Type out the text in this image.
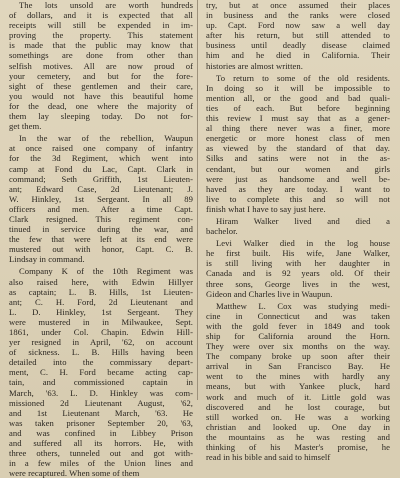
The lots unsold are worth hundreds
of dollars, and it is expected that all
receipts will still be expended in im-
proving the property. This statement
is made that the public may know that
somethings are done from other than
selfish motives. All are now proud of
your cemetery, and but for the fore-
sight of these gentlemen and their care,
you would not have this beautiful home
for the dead, one where the majority of
them lay sleeping today. Do not for-
get them.
In the war of the rebellion, Waupun
at once raised one company of infantry
for the 3d Regiment, which went into
camp at Fond du Lac, Capt. Clark in
command; Seth Griffith, 1st Lieuten-
ant; Edward Case, 2d Lieutenant; J.
W. Hinkley, 1st Sergeant. In all 89
officers and men. After a time Capt.
Clark resigned. This regiment con-
tinued in service during the war, and
the few that were left at its end were
mustered out with honor, Capt. C. B.
Lindsay in command.
Company K of the 10th Regiment was
also raised here, with Edwin Hillyer
as captain; L. B. Hills, 1st Lieuten-
ant; C. H. Ford, 2d Lieutenant and
L. D. Hinkley, 1st Sergeant. They
were mustered in in Milwaukee, Sept.
1861, under Col. Chapin. Edwin Hill-
yer resigned in April, '62, on account
of sickness. L. B. Hills having been
detailed into the commissary depart-
ment, C. H. Ford became acting cap-
tain, and commissioned captain in
March, '63. L. D. Hinkley was com-
missioned 2d Lieutenant August, '62,
and 1st Lieutenant March, '63. He
was taken prisoner September 20, '63,
and was confined in Libbey Prison
and suffered all its horrors. He, with
three others, tunneled out and got with-
in a few miles of the Union lines and
were recaptured. When some of them
try, but at once assumed their places
in business and the ranks were closed
up. Capt. Ford now saw a well day
after his return, but still attended to
business until deadly disease claimed
him and he died in California. Their
histories are almost written.
To return to some of the old residents.
In doing so it will be impossible to
mention all, or the good and bad quali-
ties of each. But before beginning
this review I must say that as a gener-
al thing there never was a finer, more
energetic or more honest class of men
as viewed by the standard of that day.
Silks and satins were not in the as-
cendant, but our women and girls
were just as handsome and well be-
haved as they are today. I want to
live to complete this and so will not
finish what I have to say just here.
Hiram Walker lived and died a
bachelor.
Levi Walker died in the log house
he first built. His wife, Jane Walker,
is still living with her daughter in
Canada and is 92 years old. Of their
three sons, George lives in the west,
Gideon and Charles live in Waupun.
Matthew L. Cox was studying medi-
cine in Connecticut and was taken
with the gold fever in 1849 and took
ship for California around the Horn.
They were over six months on the way.
The company broke up soon after their
arrival in San Francisco Bay. He
went to the mines with hardly any
means, but with Yankee pluck, hard
work and much of it. Little gold was
discovered and he lost courage, but
still worked on. He was a working
christian and looked up. One day in
the mountains as he was resting and
thinking of his Master's promise, he
read in his bible and said to himself
